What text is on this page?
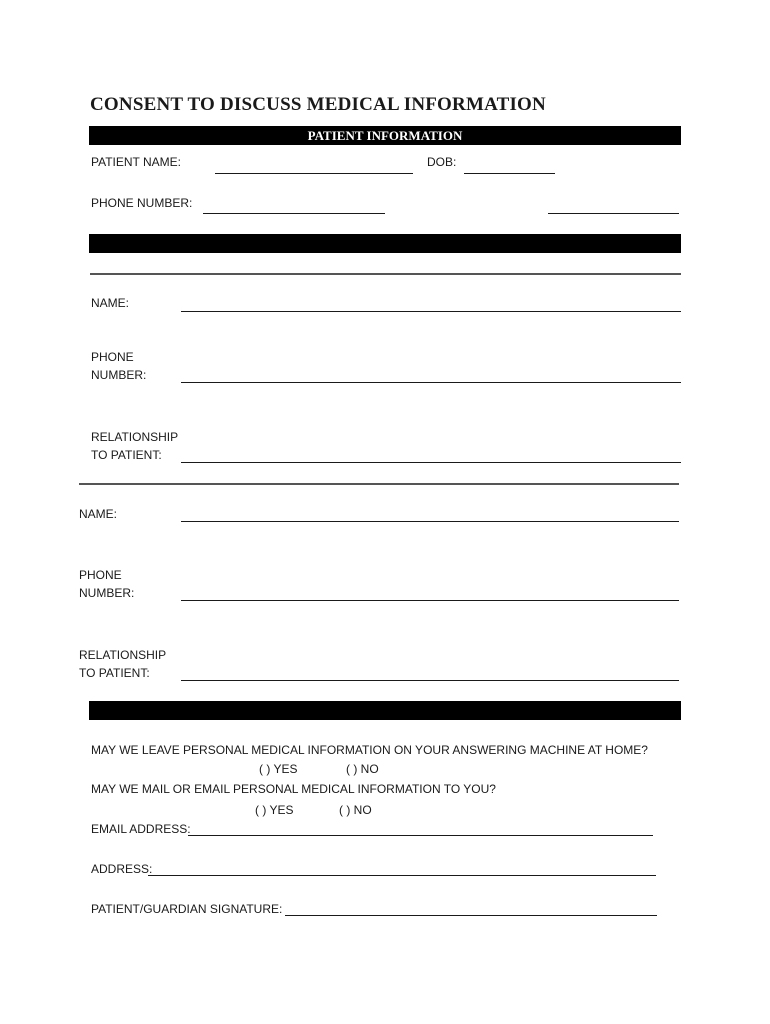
CONSENT TO DISCUSS MEDICAL INFORMATION
PATIENT INFORMATION
PATIENT NAME:	DOB:
PHONE NUMBER:
NAME:
PHONE
NUMBER:
RELATIONSHIP
TO PATIENT:
NAME:
PHONE
NUMBER:
RELATIONSHIP
TO PATIENT:
MAY WE LEAVE PERSONAL MEDICAL INFORMATION ON YOUR ANSWERING MACHINE AT HOME?
( ) YES	( ) NO
MAY WE MAIL OR EMAIL PERSONAL MEDICAL INFORMATION TO YOU?
( ) YES	( ) NO
EMAIL ADDRESS:
ADDRESS:
PATIENT/GUARDIAN SIGNATURE:
